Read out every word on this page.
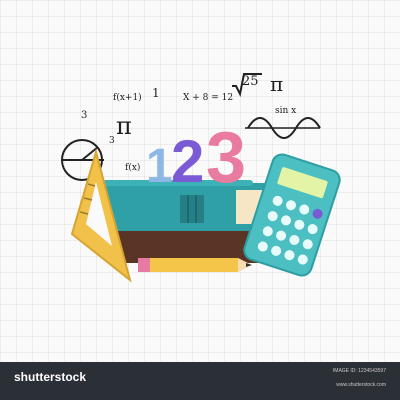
1
2 3
3
f(x+1) 1	X + 8 = 12
25 π
π
sin x
f(x)
3
shutterstock	IMAGE ID: 1234543597
www.shutterstock.com
